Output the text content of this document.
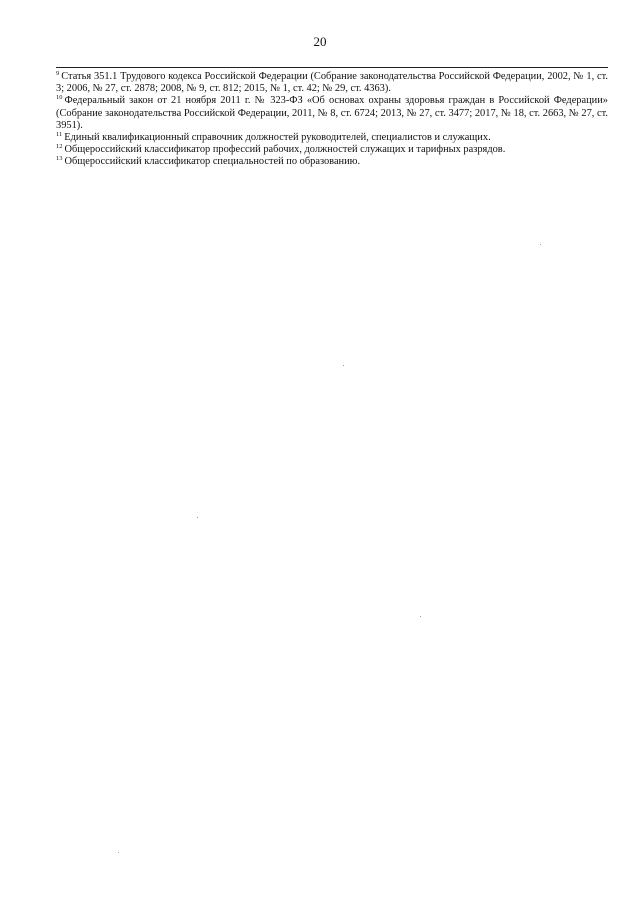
20

$^9$ Статья 351.1 Трудового кодекса Российской Федерации (Собрание законодательства Российской Федерации, 2002, № 1, ст. 3; 2006, № 27, ст. 2878; 2008, № 9, ст. 812; 2015, № 1, ст. 42; № 29, ст. 4363).

$^{10}$ Федеральный закон от 21 ноября 2011 г. № 323-ФЗ «Об основах охраны здоровья граждан в Российской Федерации» (Собрание законодательства Российской Федерации, 2011, № 8, ст. 6724; 2013, № 27, ст. 3477; 2017, № 18, ст. 2663, № 27, ст. 3951).

$^{11}$ Единый квалификационный справочник должностей руководителей, специалистов и служащих.

$^{12}$ Общероссийский классификатор профессий рабочих, должностей служащих и тарифных разрядов.

$^{13}$ Общероссийский классификатор специальностей по образованию.
